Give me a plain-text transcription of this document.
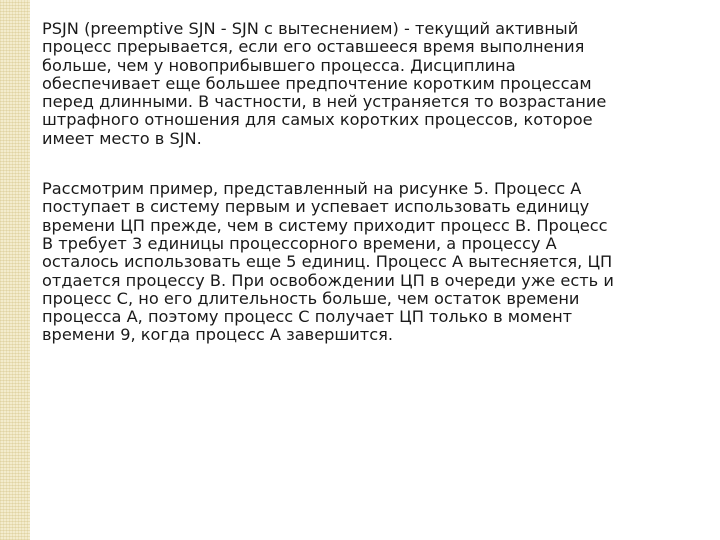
PSJN (preemptive SJN - SJN с вытеснением) - текущий активный
процесс прерывается, если его оставшееся время выполнения
больше, чем у новоприбывшего процесса. Дисциплина
обеспечивает еще большее предпочтение коротким процессам
перед длинными. В частности, в ней устраняется то возрастание
штрафного отношения для самых коротких процессов, которое
имеет место в SJN.

Рассмотрим пример, представленный на рисунке 5. Процесс А
поступает в систему первым и успевает использовать единицу
времени ЦП прежде, чем в систему приходит процесс В. Процесс
В требует 3 единицы процессорного времени, а процессу А
осталось использовать еще 5 единиц. Процесс А вытесняется, ЦП
отдается процессу В. При освобождении ЦП в очереди уже есть и
процесс С, но его длительность больше, чем остаток времени
процесса А, поэтому процесс С получает ЦП только в момент
времени 9, когда процесс А завершится.
